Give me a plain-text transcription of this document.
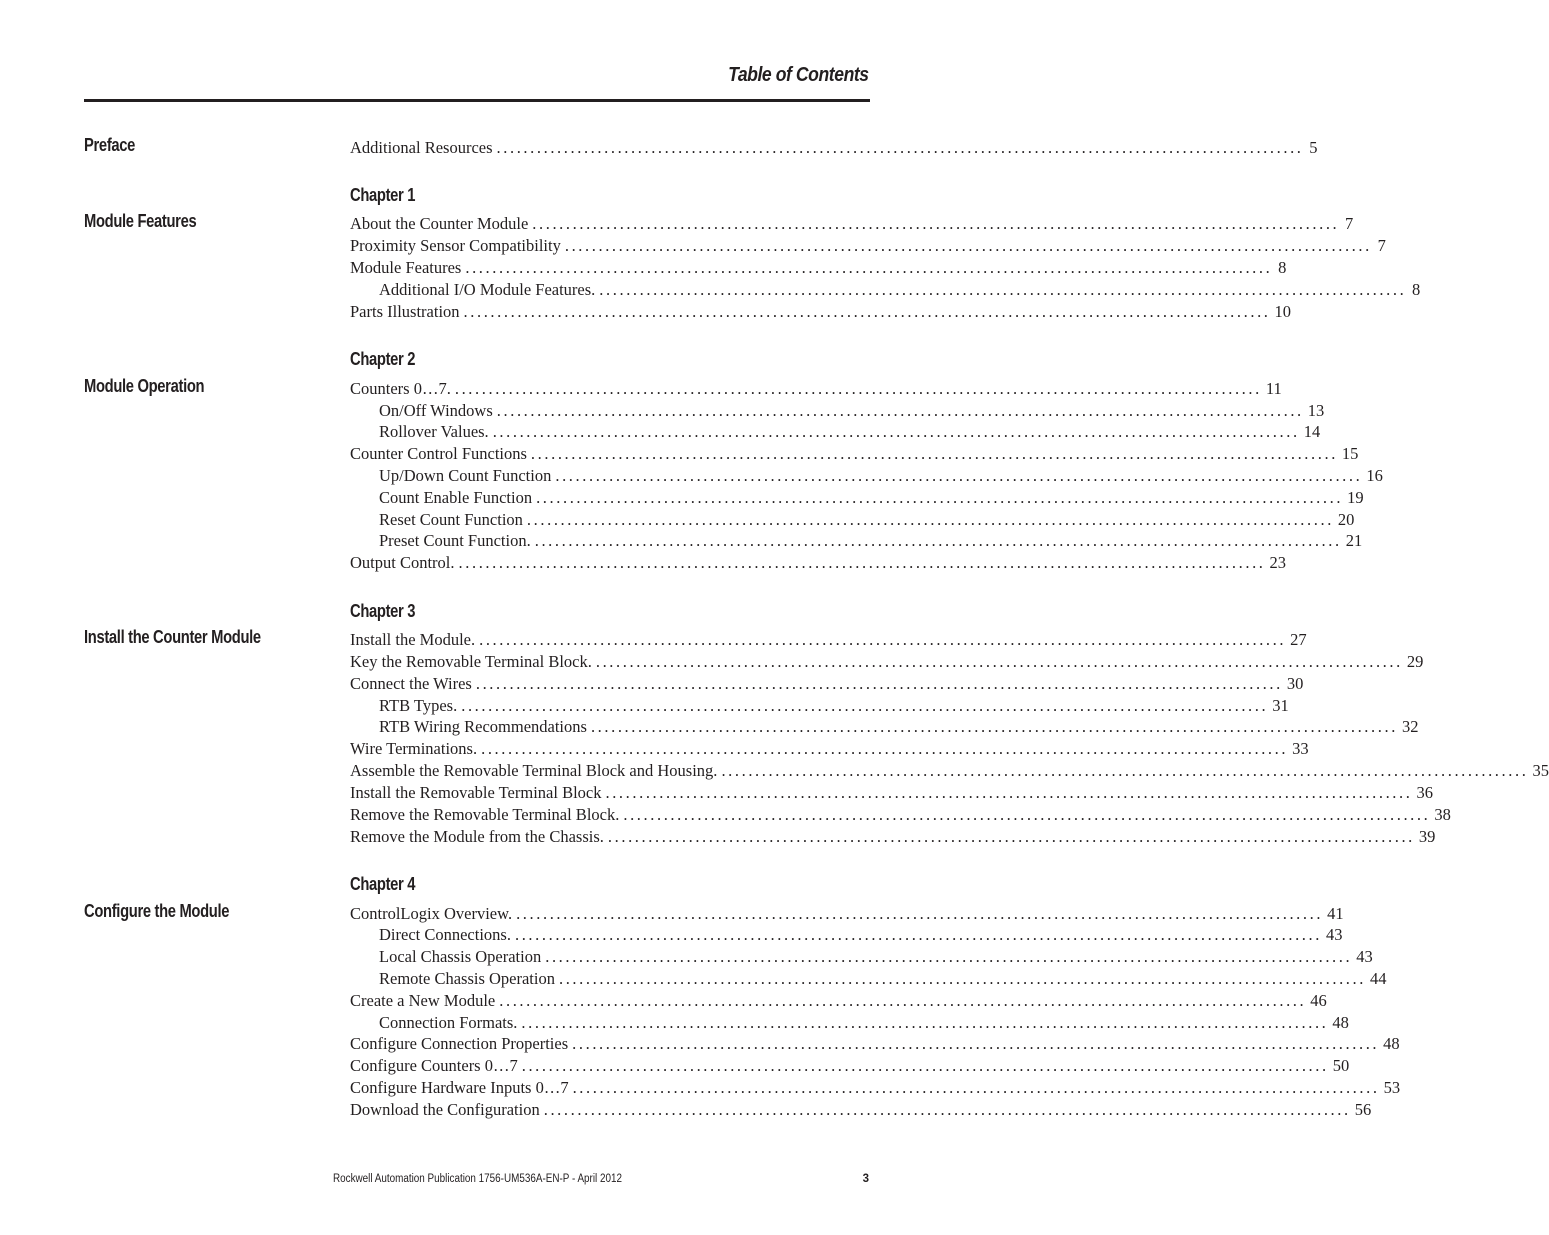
Table of Contents
Preface
Module Features
Module Operation
Install the Counter Module
Configure the Module
Chapter 1
Chapter 2
Chapter 3
Chapter 4
Additional Resources ........................................................................................................................ 5
About the Counter Module ........................................................................................................................ 7
Proximity Sensor Compatibility ........................................................................................................................ 7
Module Features ........................................................................................................................ 8
Additional I/O Module Features. ........................................................................................................................ 8
Parts Illustration ........................................................................................................................ 10
Counters 0…7. ........................................................................................................................ 11
On/Off Windows ........................................................................................................................ 13
Rollover Values. ........................................................................................................................ 14
Counter Control Functions ........................................................................................................................ 15
Up/Down Count Function ........................................................................................................................ 16
Count Enable Function ........................................................................................................................ 19
Reset Count Function ........................................................................................................................ 20
Preset Count Function. ........................................................................................................................ 21
Output Control. ........................................................................................................................ 23
Install the Module. ........................................................................................................................ 27
Key the Removable Terminal Block. ........................................................................................................................ 29
Connect the Wires ........................................................................................................................ 30
RTB Types. ........................................................................................................................ 31
RTB Wiring Recommendations ........................................................................................................................ 32
Wire Terminations. ........................................................................................................................ 33
Assemble the Removable Terminal Block and Housing. ........................................................................................................................ 35
Install the Removable Terminal Block ........................................................................................................................ 36
Remove the Removable Terminal Block. ........................................................................................................................ 38
Remove the Module from the Chassis. ........................................................................................................................ 39
ControlLogix Overview. ........................................................................................................................ 41
Direct Connections. ........................................................................................................................ 43
Local Chassis Operation ........................................................................................................................ 43
Remote Chassis Operation ........................................................................................................................ 44
Create a New Module ........................................................................................................................ 46
Connection Formats. ........................................................................................................................ 48
Configure Connection Properties ........................................................................................................................ 48
Configure Counters 0…7 ........................................................................................................................ 50
Configure Hardware Inputs 0…7 ........................................................................................................................ 53
Download the Configuration ........................................................................................................................ 56
Rockwell Automation Publication 1756-UM536A-EN-P - April 2012	3
